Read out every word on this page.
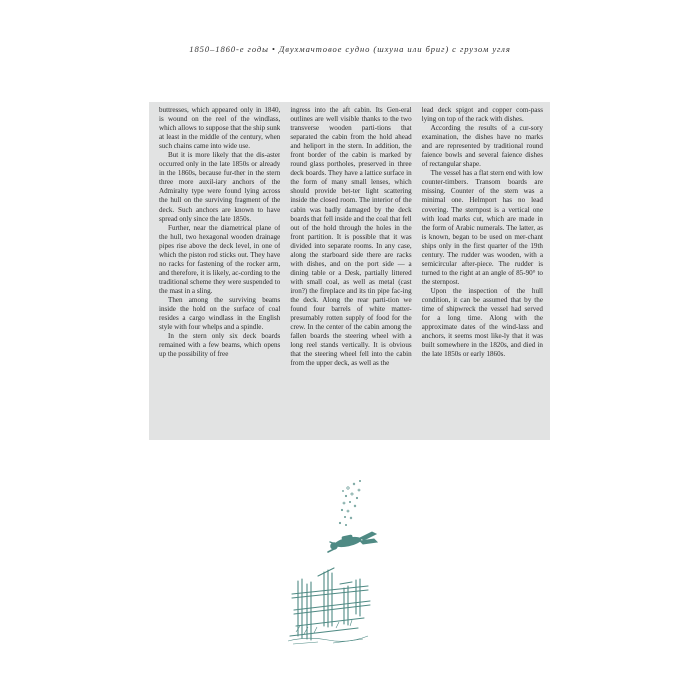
1850–1860-е годы • Двухмачтовое судно (шхуна или бриг) с грузом угля

buttresses, which appeared only in 1840, is wound on the reel of the windlass, which allows to suppose that the ship sunk at least in the middle of the century, when such chains came into wide use.

But it is more likely that the dis-aster occurred only in the late 1850s or already in the 1860s, because fur-ther in the stern three more auxil-iary anchors of the Admiralty type were found lying across the hull on the surviving fragment of the deck. Such anchors are known to have spread only since the late 1850s.

Further, near the diametrical plane of the hull, two hexagonal wooden drainage pipes rise above the deck level, in one of which the piston rod sticks out. They have no racks for fastening of the rocker arm, and therefore, it is likely, ac-cording to the traditional scheme they were suspended to the mast in a sling.

Then among the surviving beams inside the hold on the surface of coal resides a cargo windlass in the English style with four whelps and a spindle.

In the stern only six deck boards remained with a few beams, which opens up the possibility of free

ingress into the aft cabin. Its Gen-eral outlines are well visible thanks to the two transverse wooden parti-tions that separated the cabin from the hold ahead and heliport in the stern. In addition, the front border of the cabin is marked by round glass portholes, preserved in three deck boards. They have a lattice surface in the form of many small lenses, which should provide bet-ter light scattering inside the closed room. The interior of the cabin was badly damaged by the deck boards that fell inside and the coal that fell out of the hold through the holes in the front partition. It is possible that it was divided into separate rooms. In any case, along the starboard side there are racks with dishes, and on the port side — a dining table or a Desk, partially littered with small coal, as well as metal (cast iron?) the fireplace and its tin pipe fac-ing the deck. Along the rear parti-tion we found four barrels of white matter-presumably rotten supply of food for the crew. In the center of the cabin among the fallen boards the steering wheel with a long reel stands vertically. It is obvious that the steering wheel fell into the cabin from the upper deck, as well as the

lead deck spigot and copper com-pass lying on top of the rack with dishes.

According the results of a cur-sory examination, the dishes have no marks and are represented by traditional round faience bowls and several faience dishes of rectangular shape.

The vessel has a flat stern end with low counter-timbers. Transom boards are missing. Counter of the stern was a minimal one. Helmport has no lead covering. The sternpost is a vertical one with load marks cut, which are made in the form of Arabic numerals. The latter, as is known, began to be used on mer-chant ships only in the first quarter of the 19th century. The rudder was wooden, with a semicircular after-piece. The rudder is turned to the right at an angle of 85-90° to the sternpost.

Upon the inspection of the hull condition, it can be assumed that by the time of shipwreck the vessel had served for a long time. Along with the approximate dates of the wind-lass and anchors, it seems most like-ly that it was built somewhere in the 1820s, and died in the late 1850s or early 1860s.
